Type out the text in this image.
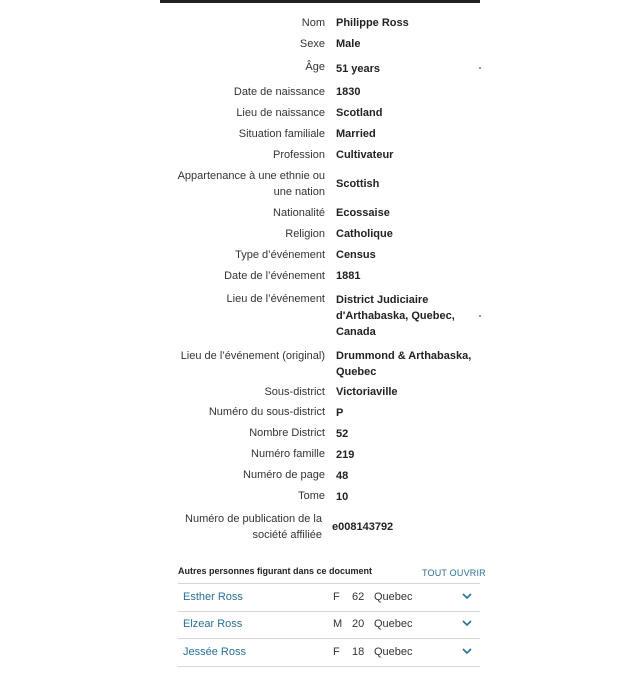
Nom Philippe Ross
Sexe Male
Âge 51 years
Date de naissance 1830
Lieu de naissance Scotland
Situation familiale Married
Profession Cultivateur
Appartenance à une ethnie ou une nation
Scottish
Nationalité Ecossaise
Religion Catholique
Type d’événement Census
Date de l’événement 1881
Lieu de l’événement District Judiciaire d'Arthabaska, Quebec, Canada
Lieu de l’événement (original) Drummond & Arthabaska, Quebec
Sous-district Victoriaville
Numéro du sous-district P
Nombre District 52
Numéro famille 219
Numéro de page 48
Tome 10
Numéro de publication de la société affiliée
e008143792
Autres personnes figurant dans ce document	TOUT OUVRIR
Esther Ross	F 62 Quebec
Elzear Ross	M 20 Quebec
Jessée Ross	F 18 Quebec
